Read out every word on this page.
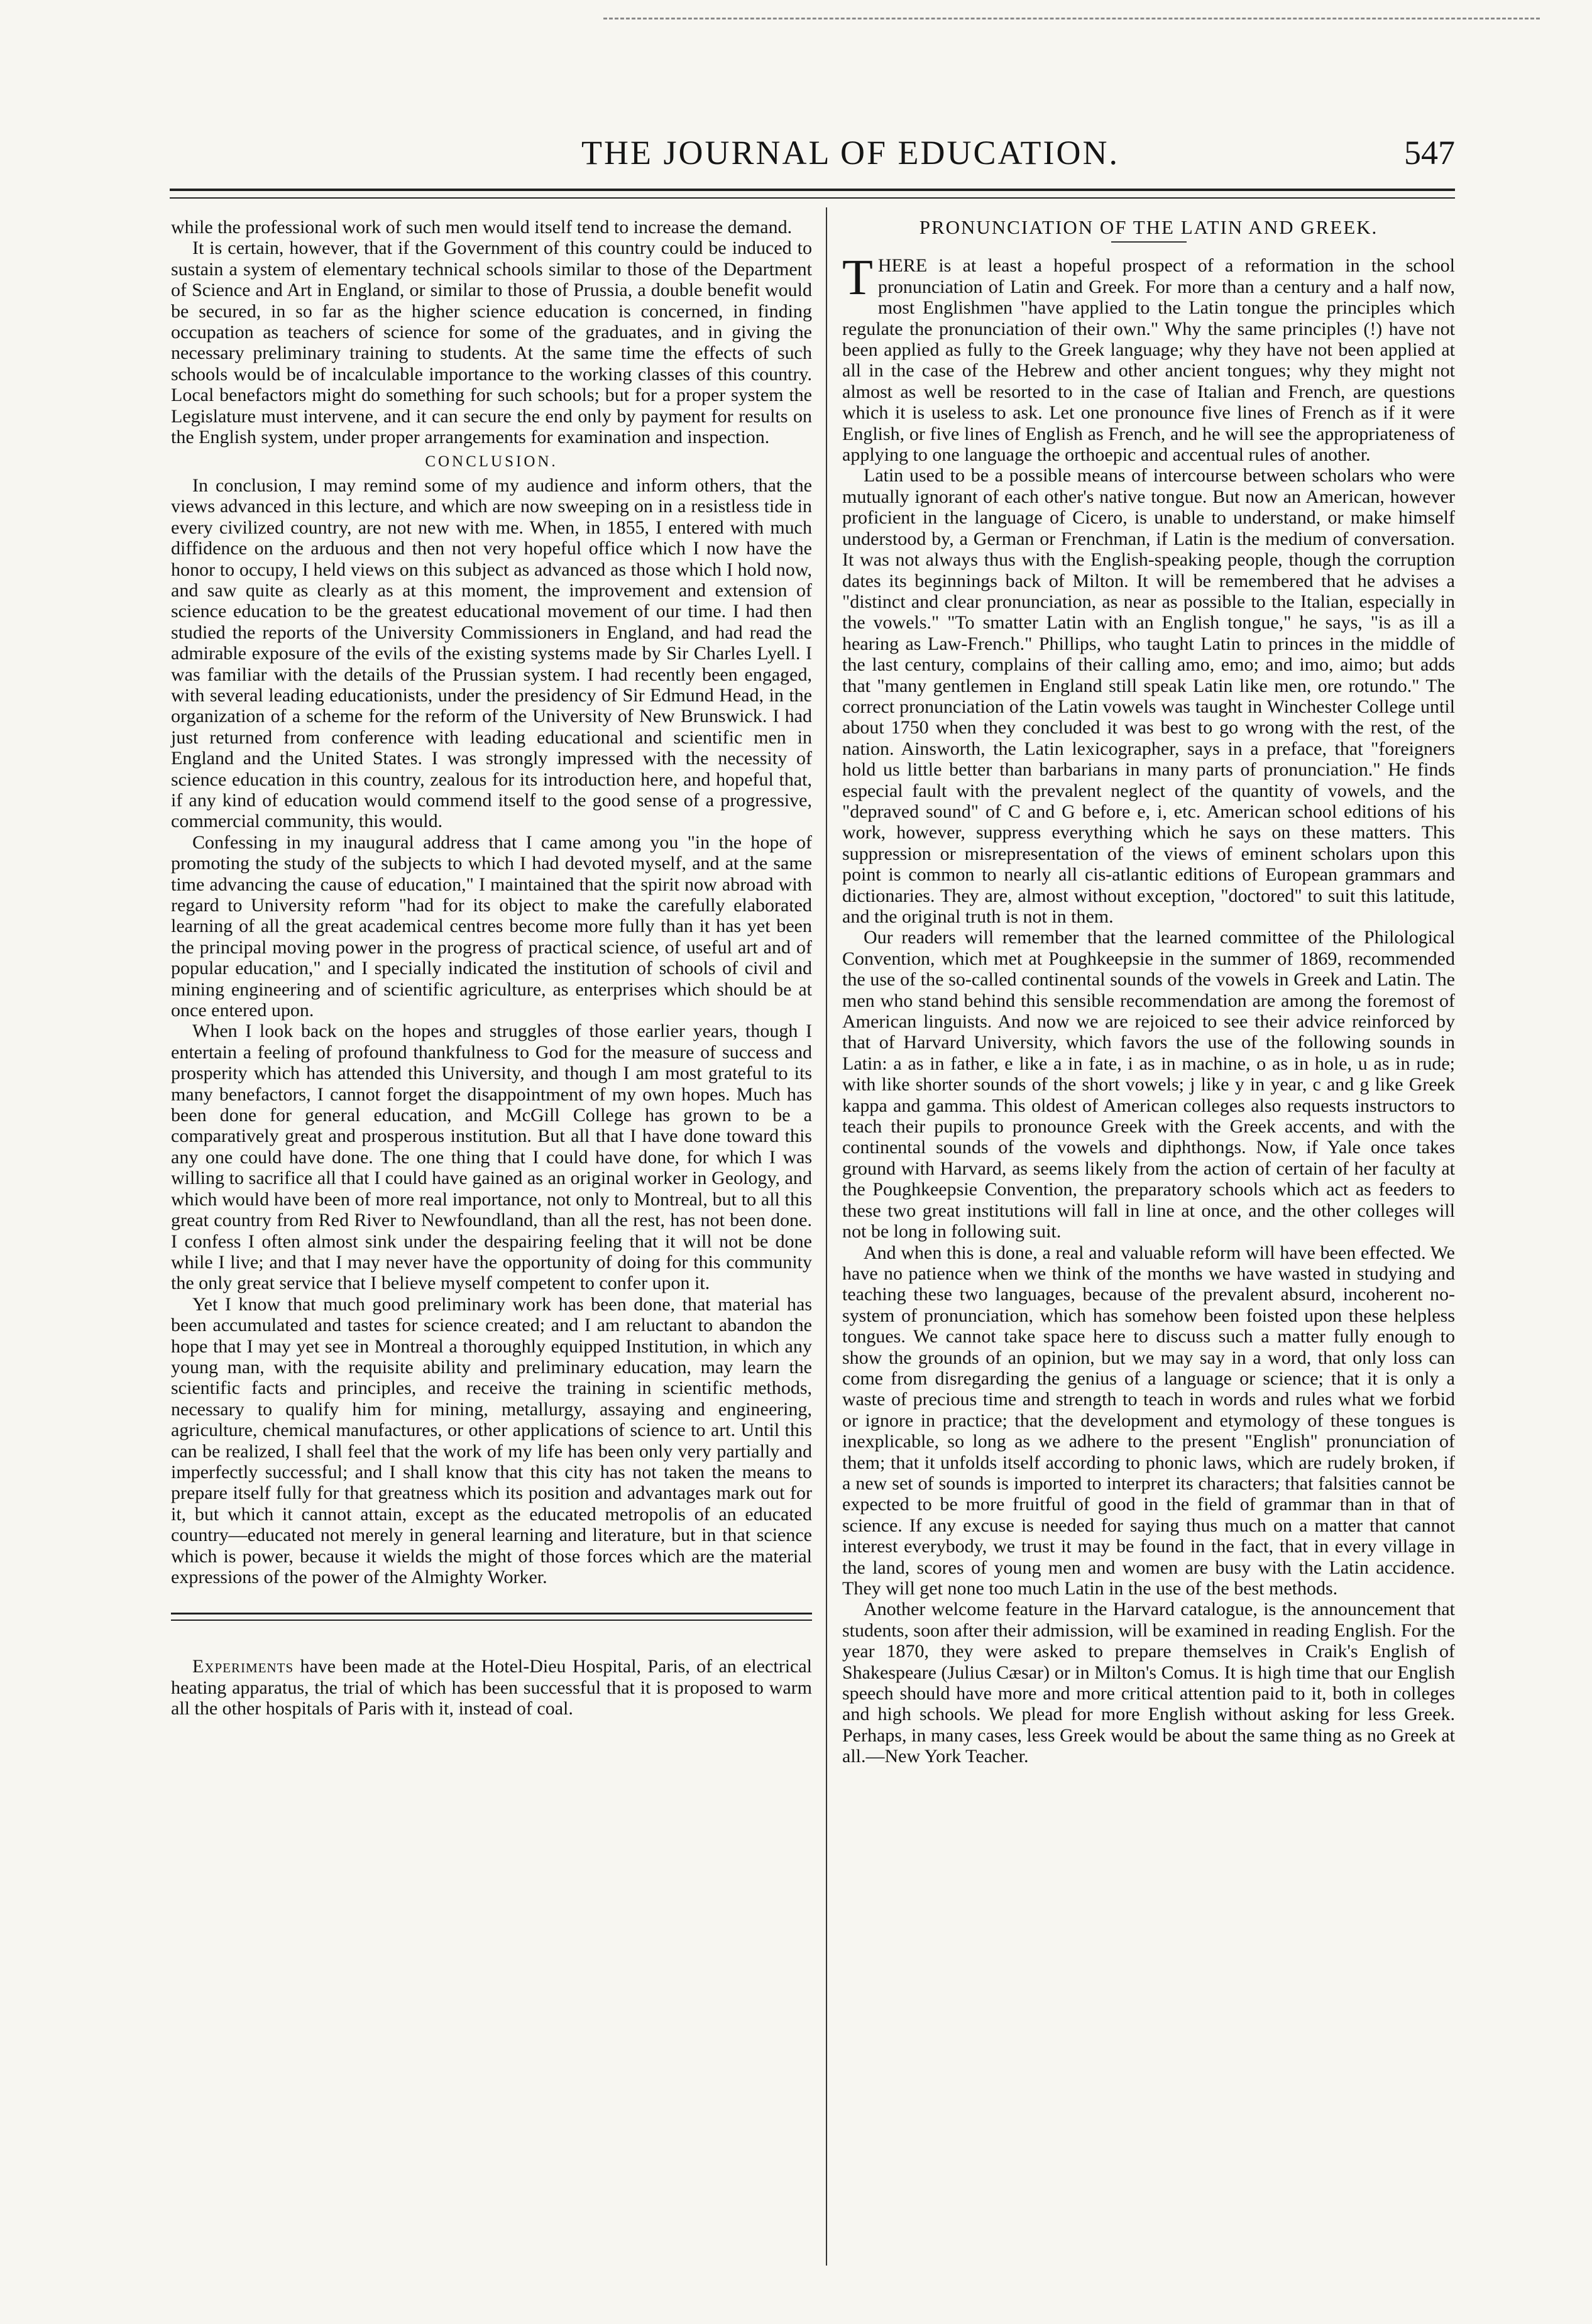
THE JOURNAL OF EDUCATION.	547

while the professional work of such men would itself tend to increase the demand.

It is certain, however, that if the Government of this country could be induced to sustain a system of elementary technical schools similar to those of the Department of Science and Art in England, or similar to those of Prussia, a double benefit would be secured, in so far as the higher science education is concerned, in finding occupation as teachers of science for some of the graduates, and in giving the necessary preliminary training to students. At the same time the effects of such schools would be of incalculable importance to the working classes of this country. Local benefactors might do something for such schools; but for a proper system the Legislature must intervene, and it can secure the end only by payment for results on the English system, under proper arrangements for examination and inspection.

CONCLUSION.

In conclusion, I may remind some of my audience and inform others, that the views advanced in this lecture, and which are now sweeping on in a resistless tide in every civilized country, are not new with me. When, in 1855, I entered with much diffidence on the arduous and then not very hopeful office which I now have the honor to occupy, I held views on this subject as advanced as those which I hold now, and saw quite as clearly as at this moment, the improvement and extension of science education to be the greatest educational movement of our time. I had then studied the reports of the University Commissioners in England, and had read the admirable exposure of the evils of the existing systems made by Sir Charles Lyell. I was familiar with the details of the Prussian system. I had recently been engaged, with several leading educationists, under the presidency of Sir Edmund Head, in the organization of a scheme for the reform of the University of New Brunswick. I had just returned from conference with leading educational and scientific men in England and the United States. I was strongly impressed with the necessity of science education in this country, zealous for its introduction here, and hopeful that, if any kind of education would commend itself to the good sense of a progressive, commercial community, this would.

Confessing in my inaugural address that I came among you "in the hope of promoting the study of the subjects to which I had devoted myself, and at the same time advancing the cause of education," I maintained that the spirit now abroad with regard to University reform "had for its object to make the carefully elaborated learning of all the great academical centres become more fully than it has yet been the principal moving power in the progress of practical science, of useful art and of popular education," and I specially indicated the institution of schools of civil and mining engineering and of scientific agriculture, as enterprises which should be at once entered upon.

When I look back on the hopes and struggles of those earlier years, though I entertain a feeling of profound thankfulness to God for the measure of success and prosperity which has attended this University, and though I am most grateful to its many benefactors, I cannot forget the disappointment of my own hopes. Much has been done for general education, and McGill College has grown to be a comparatively great and prosperous institution. But all that I have done toward this any one could have done. The one thing that I could have done, for which I was willing to sacrifice all that I could have gained as an original worker in Geology, and which would have been of more real importance, not only to Montreal, but to all this great country from Red River to Newfoundland, than all the rest, has not been done. I confess I often almost sink under the despairing feeling that it will not be done while I live; and that I may never have the opportunity of doing for this community the only great service that I believe myself competent to confer upon it.

Yet I know that much good preliminary work has been done, that material has been accumulated and tastes for science created; and I am reluctant to abandon the hope that I may yet see in Montreal a thoroughly equipped Institution, in which any young man, with the requisite ability and preliminary education, may learn the scientific facts and principles, and receive the training in scientific methods, necessary to qualify him for mining, metallurgy, assaying and engineering, agriculture, chemical manufactures, or other applications of science to art. Until this can be realized, I shall feel that the work of my life has been only very partially and imperfectly successful; and I shall know that this city has not taken the means to prepare itself fully for that greatness which its position and advantages mark out for it, but which it cannot attain, except as the educated metropolis of an educated country—educated not merely in general learning and literature, but in that science which is power, because it wields the might of those forces which are the material expressions of the power of the Almighty Worker.

Experiments have been made at the Hotel-Dieu Hospital, Paris, of an electrical heating apparatus, the trial of which has been successful that it is proposed to warm all the other hospitals of Paris with it, instead of coal.

PRONUNCIATION OF THE LATIN AND GREEK.

THERE is at least a hopeful prospect of a reformation in the school pronunciation of Latin and Greek. For more than a century and a half now, most Englishmen "have applied to the Latin tongue the principles which regulate the pronunciation of their own." Why the same principles (!) have not been applied as fully to the Greek language; why they have not been applied at all in the case of the Hebrew and other ancient tongues; why they might not almost as well be resorted to in the case of Italian and French, are questions which it is useless to ask. Let one pronounce five lines of French as if it were English, or five lines of English as French, and he will see the appropriateness of applying to one language the orthoepic and accentual rules of another.

Latin used to be a possible means of intercourse between scholars who were mutually ignorant of each other's native tongue. But now an American, however proficient in the language of Cicero, is unable to understand, or make himself understood by, a German or Frenchman, if Latin is the medium of conversation. It was not always thus with the English-speaking people, though the corruption dates its beginnings back of Milton. It will be remembered that he advises a "distinct and clear pronunciation, as near as possible to the Italian, especially in the vowels." "To smatter Latin with an English tongue," he says, "is as ill a hearing as Law-French." Phillips, who taught Latin to princes in the middle of the last century, complains of their calling amo, emo; and imo, aimo; but adds that "many gentlemen in England still speak Latin like men, ore rotundo." The correct pronunciation of the Latin vowels was taught in Winchester College until about 1750 when they concluded it was best to go wrong with the rest, of the nation. Ainsworth, the Latin lexicographer, says in a preface, that "foreigners hold us little better than barbarians in many parts of pronunciation." He finds especial fault with the prevalent neglect of the quantity of vowels, and the "depraved sound" of C and G before e, i, etc. American school editions of his work, however, suppress everything which he says on these matters. This suppression or misrepresentation of the views of eminent scholars upon this point is common to nearly all cis-atlantic editions of European grammars and dictionaries. They are, almost without exception, "doctored" to suit this latitude, and the original truth is not in them.

Our readers will remember that the learned committee of the Philological Convention, which met at Poughkeepsie in the summer of 1869, recommended the use of the so-called continental sounds of the vowels in Greek and Latin. The men who stand behind this sensible recommendation are among the foremost of American linguists. And now we are rejoiced to see their advice reinforced by that of Harvard University, which favors the use of the following sounds in Latin: a as in father, e like a in fate, i as in machine, o as in hole, u as in rude; with like shorter sounds of the short vowels; j like y in year, c and g like Greek kappa and gamma. This oldest of American colleges also requests instructors to teach their pupils to pronounce Greek with the Greek accents, and with the continental sounds of the vowels and diphthongs. Now, if Yale once takes ground with Harvard, as seems likely from the action of certain of her faculty at the Poughkeepsie Convention, the preparatory schools which act as feeders to these two great institutions will fall in line at once, and the other colleges will not be long in following suit.

And when this is done, a real and valuable reform will have been effected. We have no patience when we think of the months we have wasted in studying and teaching these two languages, because of the prevalent absurd, incoherent no-system of pronunciation, which has somehow been foisted upon these helpless tongues. We cannot take space here to discuss such a matter fully enough to show the grounds of an opinion, but we may say in a word, that only loss can come from disregarding the genius of a language or science; that it is only a waste of precious time and strength to teach in words and rules what we forbid or ignore in practice; that the development and etymology of these tongues is inexplicable, so long as we adhere to the present "English" pronunciation of them; that it unfolds itself according to phonic laws, which are rudely broken, if a new set of sounds is imported to interpret its characters; that falsities cannot be expected to be more fruitful of good in the field of grammar than in that of science. If any excuse is needed for saying thus much on a matter that cannot interest everybody, we trust it may be found in the fact, that in every village in the land, scores of young men and women are busy with the Latin accidence. They will get none too much Latin in the use of the best methods.

Another welcome feature in the Harvard catalogue, is the announcement that students, soon after their admission, will be examined in reading English. For the year 1870, they were asked to prepare themselves in Craik's English of Shakespeare (Julius Cæsar) or in Milton's Comus. It is high time that our English speech should have more and more critical attention paid to it, both in colleges and high schools. We plead for more English without asking for less Greek. Perhaps, in many cases, less Greek would be about the same thing as no Greek at all.—New York Teacher.
